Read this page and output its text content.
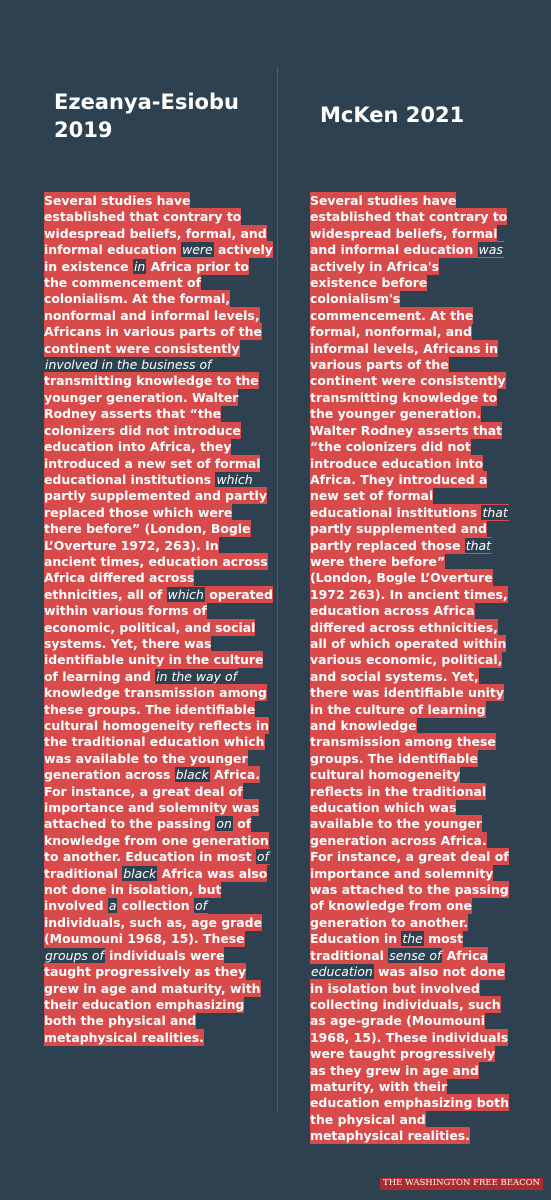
Ezeanya-Esiobu 2019
McKen 2021

Several studies have established that contrary to widespread beliefs, formal, and informal education were actively in existence in Africa prior to the commencement of colonialism. At the formal, nonformal and informal levels, Africans in various parts of the continent were consistently involved in the business of transmitting knowledge to the younger generation. Walter Rodney asserts that “the colonizers did not introduce education into Africa, they introduced a new set of formal educational institutions which partly supplemented and partly replaced those which were there before” (London, Bogle L’Overture 1972, 263). In ancient times, education across Africa differed across ethnicities, all of which operated within various forms of economic, political, and social systems. Yet, there was identifiable unity in the culture of learning and in the way of knowledge transmission among these groups. The identifiable cultural homogeneity reflects in the traditional education which was available to the younger generation across black Africa. For instance, a great deal of importance and solemnity was attached to the passing on of knowledge from one generation to another. Education in most of traditional black Africa was also not done in isolation, but involved a collection of individuals, such as, age grade (Moumouni 1968, 15). These groups of individuals were taught progressively as they grew in age and maturity, with their education emphasizing both the physical and metaphysical realities.

Several studies have established that contrary to widespread beliefs, formal and informal education was actively in Africa's existence before colonialism's commencement. At the formal, nonformal, and informal levels, Africans in various parts of the continent were consistently transmitting knowledge to the younger generation. Walter Rodney asserts that “the colonizers did not introduce education into Africa. They introduced a new set of formal educational institutions that partly supplemented and partly replaced those that were there before” (London, Bogle L’Overture 1972 263). In ancient times, education across Africa differed across ethnicities, all of which operated within various economic, political, and social systems. Yet, there was identifiable unity in the culture of learning and knowledge transmission among these groups. The identifiable cultural homogeneity reflects in the traditional education which was available to the younger generation across Africa. For instance, a great deal of importance and solemnity was attached to the passing of knowledge from one generation to another. Education in the most traditional sense of Africa education was also not done in isolation but involved collecting individuals, such as age-grade (Moumouni 1968, 15). These individuals were taught progressively as they grew in age and maturity, with their education emphasizing both the physical and metaphysical realities.

THE WASHINGTON FREE BEACON
